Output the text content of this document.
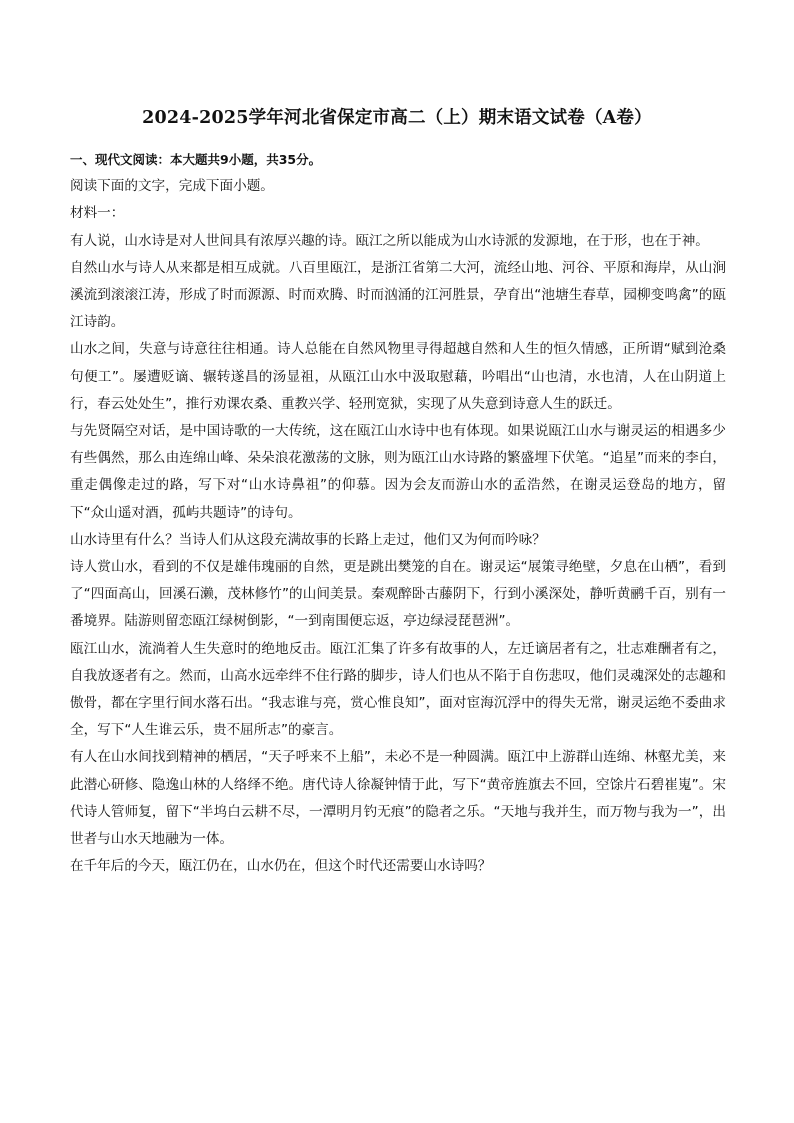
2024-2025学年河北省保定市高二（上）期末语文试卷（A卷）

一、现代文阅读：本大题共9小题，共35分。

阅读下面的文字，完成下面小题。

材料一：

有人说，山水诗是对人世间具有浓厚兴趣的诗。瓯江之所以能成为山水诗派的发源地，在于形，也在于神。

自然山水与诗人从来都是相互成就。八百里瓯江，是浙江省第二大河，流经山地、河谷、平原和海岸，从山涧溪流到滚滚江涛，形成了时而源源、时而欢腾、时而汹涌的江河胜景，孕育出“池塘生春草，园柳变鸣禽”的瓯江诗韵。

山水之间，失意与诗意往往相通。诗人总能在自然风物里寻得超越自然和人生的恒久情感，正所谓“赋到沧桑句便工”。屡遭贬谪、辗转遂昌的汤显祖，从瓯江山水中汲取慰藉，吟唱出“山也清，水也清，人在山阴道上行，春云处处生”，推行劝课农桑、重教兴学、轻刑宽狱，实现了从失意到诗意人生的跃迁。

与先贤隔空对话，是中国诗歌的一大传统，这在瓯江山水诗中也有体现。如果说瓯江山水与谢灵运的相遇多少有些偶然，那么由连绵山峰、朵朵浪花激荡的文脉，则为瓯江山水诗路的繁盛埋下伏笔。“追星”而来的李白，重走偶像走过的路，写下对“山水诗鼻祖”的仰慕。因为会友而游山水的孟浩然，在谢灵运登岛的地方，留下“众山遥对酒，孤屿共题诗”的诗句。

山水诗里有什么？当诗人们从这段充满故事的长路上走过，他们又为何而吟咏？

诗人赏山水，看到的不仅是雄伟瑰丽的自然，更是跳出樊笼的自在。谢灵运“展策寻绝壁，夕息在山栖”，看到了“四面高山，回溪石濑，茂林修竹”的山间美景。秦观醉卧古藤阴下，行到小溪深处，静听黄鹂千百，别有一番境界。陆游则留恋瓯江绿树倒影，“一到南围便忘返，亭边绿浸琵琶洲”。

瓯江山水，流淌着人生失意时的绝地反击。瓯江汇集了许多有故事的人，左迁谪居者有之，壮志难酬者有之，自我放逐者有之。然而，山高水远牵绊不住行路的脚步，诗人们也从不陷于自伤悲叹，他们灵魂深处的志趣和傲骨，都在字里行间水落石出。“我志谁与亮，赏心惟良知”，面对宦海沉浮中的得失无常，谢灵运绝不委曲求全，写下“人生谁云乐，贵不屈所志”的豪言。

有人在山水间找到精神的栖居，“天子呼来不上船”，未必不是一种圆满。瓯江中上游群山连绵、林壑尤美，来此潜心研修、隐逸山林的人络绎不绝。唐代诗人徐凝钟情于此，写下“黄帝旌旗去不回，空馀片石碧崔嵬”。宋代诗人管师复，留下“半坞白云耕不尽，一潭明月钓无痕”的隐者之乐。“天地与我并生，而万物与我为一”，出世者与山水天地融为一体。

在千年后的今天，瓯江仍在，山水仍在，但这个时代还需要山水诗吗？
